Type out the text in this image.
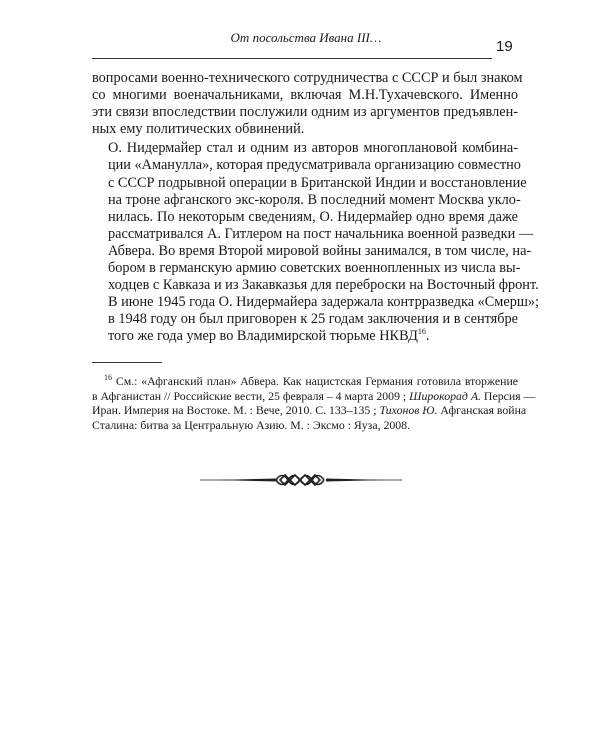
От посольства Ивана III…
19

вопросами военно-технического сотрудничества с СССР и был знаком
со многими военачальниками, включая М.Н.Тухачевского. Именно
эти связи впоследствии послужили одним из аргументов предъявлен-
ных ему политических обвинений.

О. Нидермайер стал и одним из авторов многоплановой комбина-
ции «Аманулла», которая предусматривала организацию совместно
с СССР подрывной операции в Британской Индии и восстановление
на троне афганского экс-короля. В последний момент Москва укло-
нилась. По некоторым сведениям, О. Нидермайер одно время даже
рассматривался А. Гитлером на пост начальника военной разведки —
Абвера. Во время Второй мировой войны занимался, в том числе, на-
бором в германскую армию советских военнопленных из числа вы-
ходцев с Кавказа и из Закавказья для переброски на Восточный фронт.
В июне 1945 года О. Нидермайера задержала контрразведка «Смерш»;
в 1948 году он был приговорен к 25 годам заключения и в сентябре
того же года умер во Владимирской тюрьме НКВД$^{16}$.

$^{16}$ См.: «Афганский план» Абвера. Как нацистская Германия готовила вторжение
в Афганистан // Российские вести, 25 февраля – 4 марта 2009 ; Широкорад А. Персия —
Иран. Империя на Востоке. М. : Вече, 2010. С. 133–135 ; Тихонов Ю. Афганская война
Сталина: битва за Центральную Азию. М. : Эксмо : Яуза, 2008.
